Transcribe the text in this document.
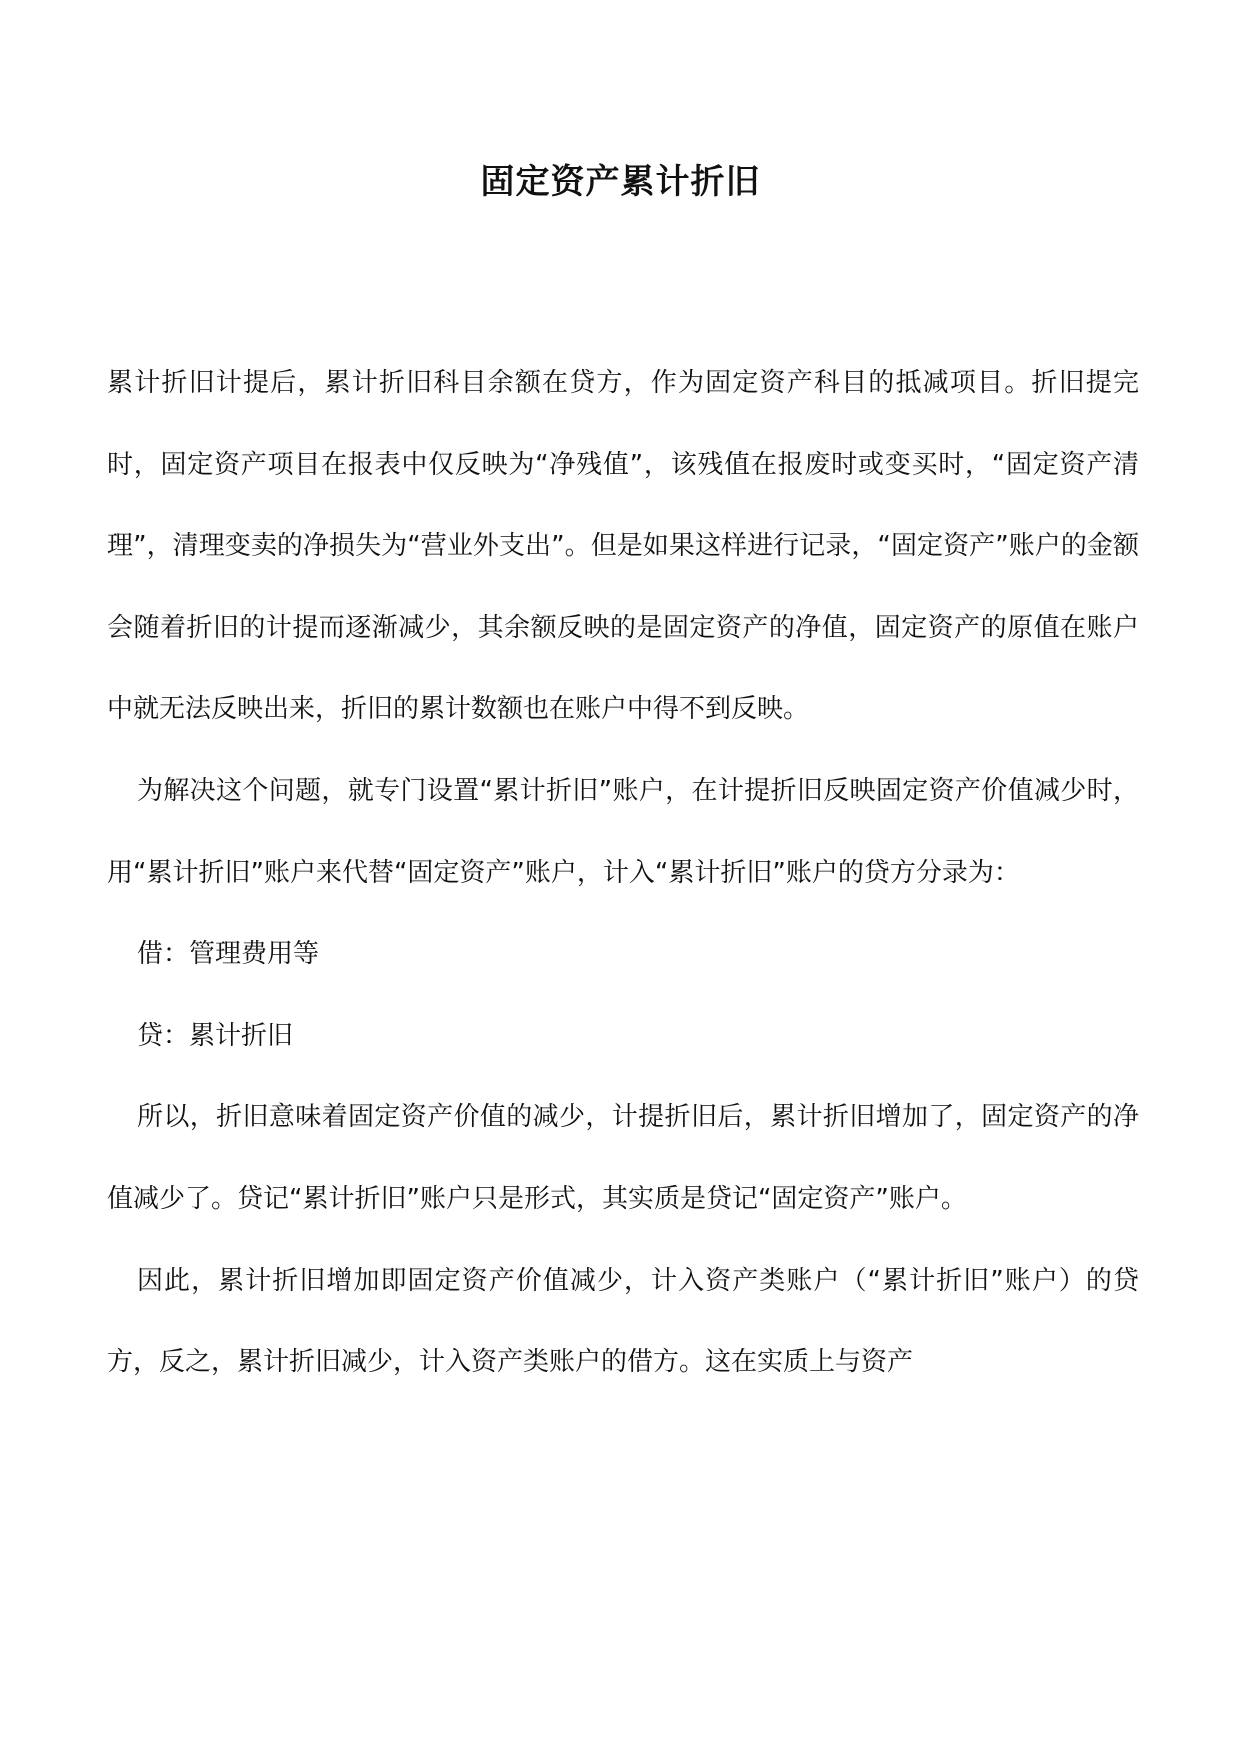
固定资产累计折旧

累计折旧计提后，累计折旧科目余额在贷方，作为固定资产科目的抵减项目。折旧提完时，固定资产项目在报表中仅反映为“净残值”，该残值在报废时或变买时，“固定资产清理”，清理变卖的净损失为“营业外支出”。但是如果这样进行记录，“固定资产”账户的金额会随着折旧的计提而逐渐减少，其余额反映的是固定资产的净值，固定资产的原值在账户中就无法反映出来，折旧的累计数额也在账户中得不到反映。

为解决这个问题，就专门设置“累计折旧”账户，在计提折旧反映固定资产价值减少时，用“累计折旧”账户来代替“固定资产”账户，计入“累计折旧”账户的贷方分录为：

借：管理费用等

贷：累计折旧

所以，折旧意味着固定资产价值的减少，计提折旧后，累计折旧增加了，固定资产的净值减少了。贷记“累计折旧”账户只是形式，其实质是贷记“固定资产”账户。

因此，累计折旧增加即固定资产价值减少，计入资产类账户（“累计折旧”账户）的贷方，反之，累计折旧减少，计入资产类账户的借方。这在实质上与资产
